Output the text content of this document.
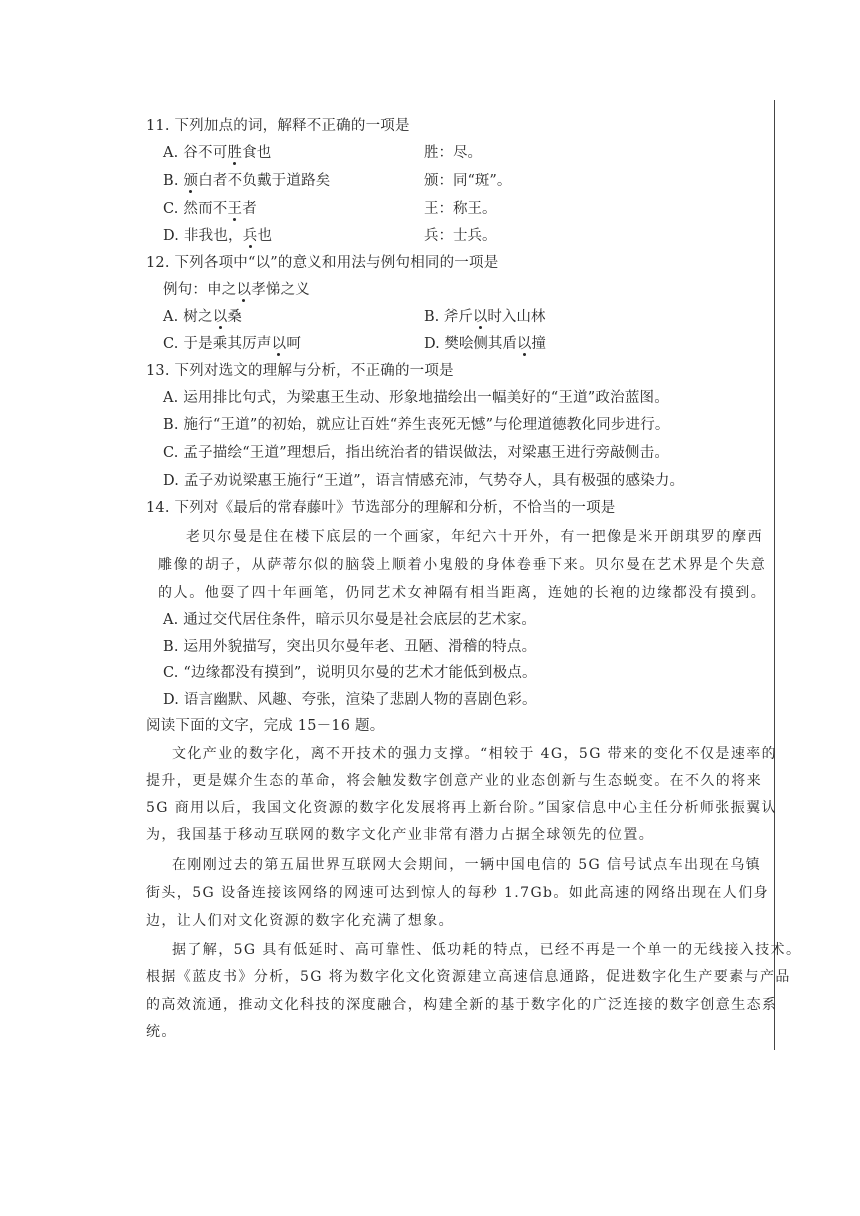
11. 下列加点的词，解释不正确的一项是
A. 谷不可胜食也	胜：尽。
B. 颁白者不负戴于道路矣	颁：同“斑”。
C. 然而不王者	王：称王。
D. 非我也，兵也	兵：士兵。
12. 下列各项中“以”的意义和用法与例句相同的一项是
例句：申之以孝悌之义
A. 树之以桑	B. 斧斤以时入山林
C. 于是乘其厉声以呵	D. 樊哙侧其盾以撞
13. 下列对选文的理解与分析，不正确的一项是
A. 运用排比句式，为梁惠王生动、形象地描绘出一幅美好的“王道”政治蓝图。
B. 施行“王道”的初始，就应让百姓“养生丧死无憾”与伦理道德教化同步进行。
C. 孟子描绘“王道”理想后，指出统治者的错误做法，对梁惠王进行旁敲侧击。
D. 孟子劝说梁惠王施行“王道”，语言情感充沛，气势夺人，具有极强的感染力。
14. 下列对《最后的常春藤叶》节选部分的理解和分析，不恰当的一项是
老贝尔曼是住在楼下底层的一个画家，年纪六十开外，有一把像是米开朗琪罗的摩西
雕像的胡子，从萨蒂尔似的脑袋上顺着小鬼般的身体卷垂下来。贝尔曼在艺术界是个失意
的人。他耍了四十年画笔，仍同艺术女神隔有相当距离，连她的长袍的边缘都没有摸到。
A. 通过交代居住条件，暗示贝尔曼是社会底层的艺术家。
B. 运用外貌描写，突出贝尔曼年老、丑陋、滑稽的特点。
C. “边缘都没有摸到”，说明贝尔曼的艺术才能低到极点。
D. 语言幽默、风趣、夸张，渲染了悲剧人物的喜剧色彩。
阅读下面的文字，完成 15－16 题。
文化产业的数字化，离不开技术的强力支撑。“相较于 4G，5G 带来的变化不仅是速率的
提升，更是媒介生态的革命，将会触发数字创意产业的业态创新与生态蜕变。在不久的将来
5G 商用以后，我国文化资源的数字化发展将再上新台阶。”国家信息中心主任分析师张振翼认
为，我国基于移动互联网的数字文化产业非常有潜力占据全球领先的位置。
在刚刚过去的第五届世界互联网大会期间，一辆中国电信的 5G 信号试点车出现在乌镇
街头，5G 设备连接该网络的网速可达到惊人的每秒 1.7Gb。如此高速的网络出现在人们身
边，让人们对文化资源的数字化充满了想象。
据了解，5G 具有低延时、高可靠性、低功耗的特点，已经不再是一个单一的无线接入技术。
根据《蓝皮书》分析，5G 将为数字化文化资源建立高速信息通路，促进数字化生产要素与产品
的高效流通，推动文化科技的深度融合，构建全新的基于数字化的广泛连接的数字创意生态系
统。
